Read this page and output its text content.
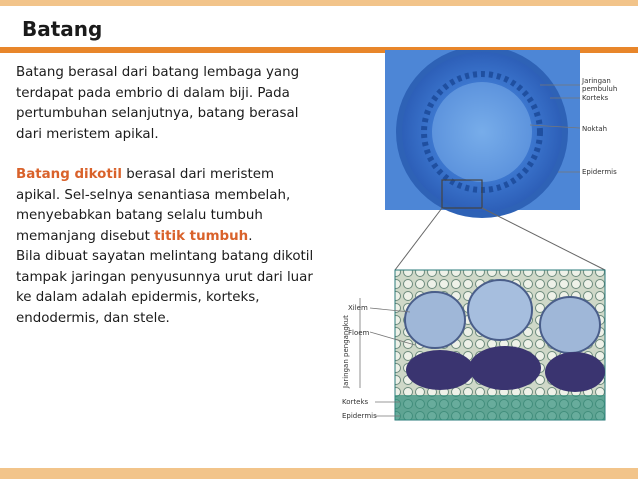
Batang

Batang berasal dari batang lembaga yang terdapat pada embrio di dalam biji. Pada pertumbuhan selanjutnya, batang berasal dari meristem apikal.

Batang dikotil berasal dari meristem apikal. Sel-selnya senantiasa membelah, menyebabkan batang selalu tumbuh memanjang disebut titik tumbuh.

Bila dibuat sayatan melintang batang dikotil tampak jaringan penyusunnya urut dari luar ke dalam adalah epidermis, korteks, endodermis, dan stele.

Jaringan pembuluh
Korteks
Noktah
Epidermis
Xilem
Floem
Jaringan pengangkut
Korteks
Epidermis
